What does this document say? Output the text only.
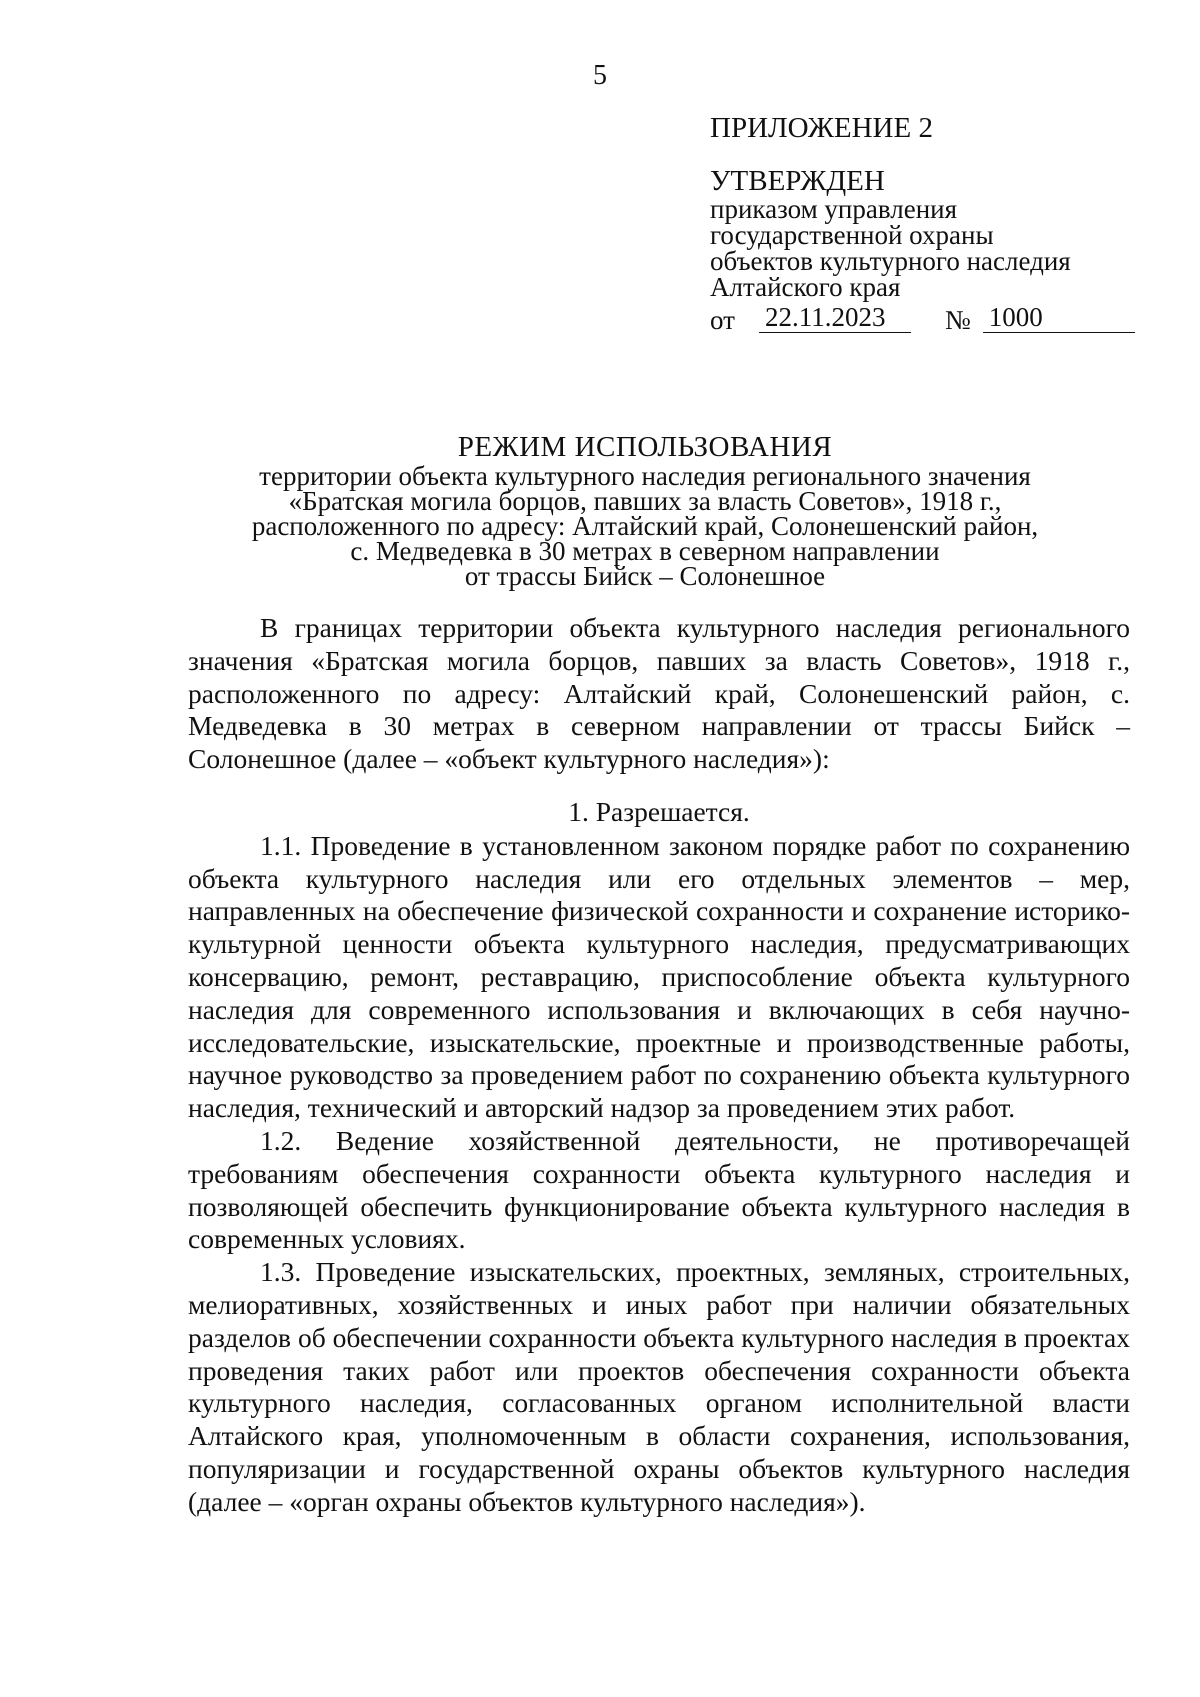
5

ПРИЛОЖЕНИЕ 2

УТВЕРЖДЕН

приказом управления

государственной охраны

объектов культурного наследия

Алтайского края

от 22.11.2023	№ 1000

РЕЖИМ ИСПОЛЬЗОВАНИЯ

территории объекта культурного наследия регионального значения

«Братская могила борцов, павших за власть Советов», 1918 г.,

расположенного по адресу: Алтайский край, Солонешенский район,

с. Медведевка в 30 метрах в северном направлении

от трассы Бийск – Солонешное

В границах территории объекта культурного наследия регионального значения «Братская могила борцов, павших за власть Советов», 1918 г., расположенного по адресу: Алтайский край, Солонешенский район, с. Медведевка в 30 метрах в северном направлении от трассы Бийск – Солонешное (далее – «объект культурного наследия»):

1. Разрешается.

1.1. Проведение в установленном законом порядке работ по сохранению объекта культурного наследия или его отдельных элементов – мер, направленных на обеспечение физической сохранности и сохранение историко-культурной ценности объекта культурного наследия, предусматривающих консервацию, ремонт, реставрацию, приспособление объекта культурного наследия для современного использования и включающих в себя научно-исследовательские, изыскательские, проектные и производственные работы, научное руководство за проведением работ по сохранению объекта культурного наследия, технический и авторский надзор за проведением этих работ.

1.2. Ведение хозяйственной деятельности, не противоречащей требованиям обеспечения сохранности объекта культурного наследия и позволяющей обеспечить функционирование объекта культурного наследия в современных условиях.

1.3. Проведение изыскательских, проектных, земляных, строительных, мелиоративных, хозяйственных и иных работ при наличии обязательных разделов об обеспечении сохранности объекта культурного наследия в проектах проведения таких работ или проектов обеспечения сохранности объекта культурного наследия, согласованных органом исполнительной власти Алтайского края, уполномоченным в области сохранения, использования, популяризации и государственной охраны объектов культурного наследия (далее – «орган охраны объектов культурного наследия»).
